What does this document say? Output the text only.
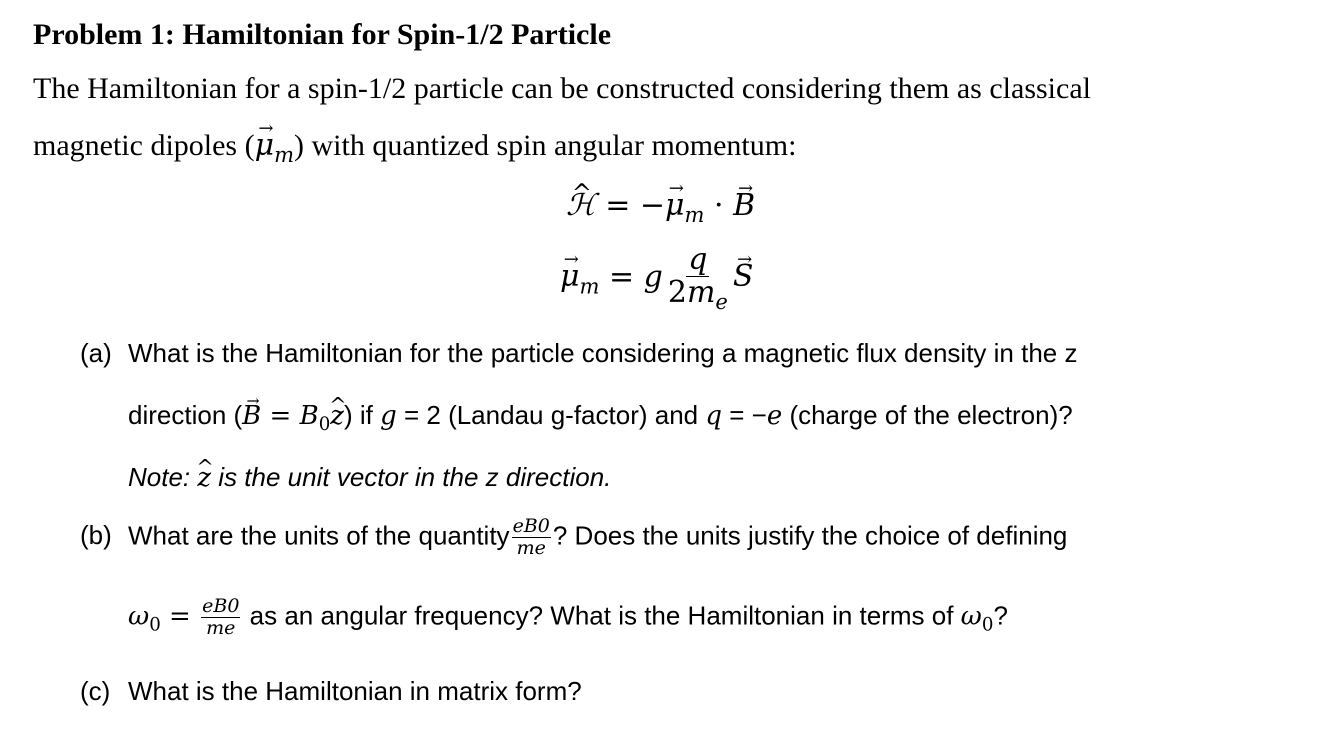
Problem 1: Hamiltonian for Spin-1/2 Particle
The Hamiltonian for a spin-1/2 particle can be constructed considering them as classical
magnetic dipoles (→ $\mu_m$) with quantized spin angular momentum:
^ ℋ = −→ $\mu_m$ · → B
→ $\mu_m = g \frac{q}{2m_e}$
→ S
(a) What is the Hamiltonian for the particle considering a magnetic flux density in the z
direction (→ $B = B_0\^{}$ z) if g = 2 (Landau g-factor) and q = −e (charge of the electron)?
Note: ^ z is the unit vector in the z direction.
(b) What are the units of the quantity $\frac{eB0}{me}$ ? Does the units justify the choice of defining
$\omega_0 = \frac{eB0}{me}$ as an angular frequency? What is the Hamiltonian in terms of $\omega_0$?
(c) What is the Hamiltonian in matrix form?
